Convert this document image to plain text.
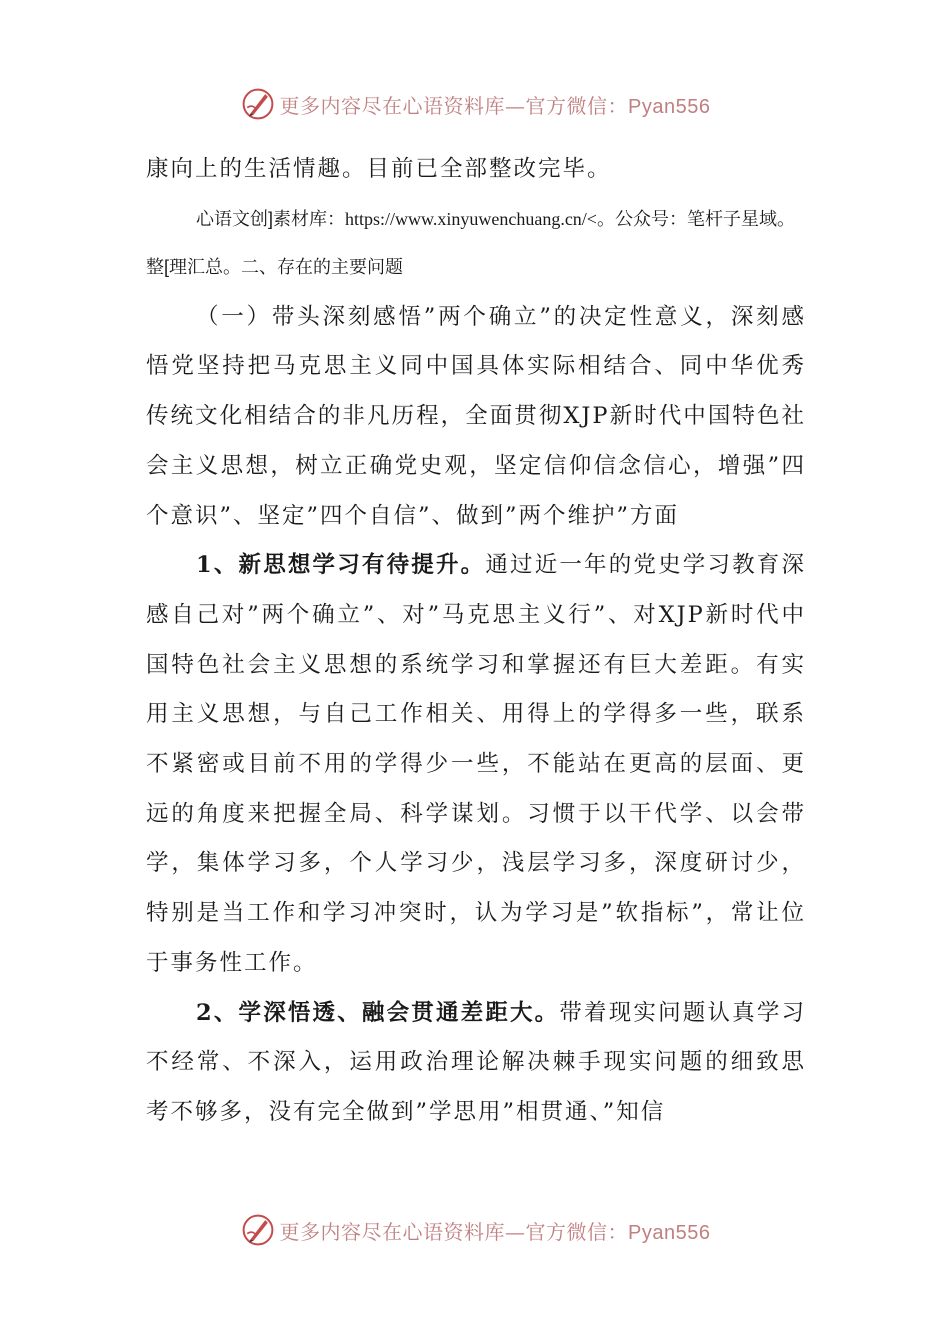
更多内容尽在心语资料库—官方微信：Pyan556

康向上的生活情趣。目前已全部整改完毕。

心语文创]素材库：https://www.xinyuwenchuang.cn/<。公众号：笔杆子星域。整[理汇总。二、存在的主要问题

（一）带头深刻感悟”两个确立”的决定性意义，深刻感悟党坚持把马克思主义同中国具体实际相结合、同中华优秀传统文化相结合的非凡历程，全面贯彻XJP新时代中国特色社会主义思想，树立正确党史观，坚定信仰信念信心，增强”四个意识”、坚定”四个自信”、做到”两个维护”方面

1、新思想学习有待提升。通过近一年的党史学习教育深感自己对”两个确立”、对”马克思主义行”、对XJP新时代中国特色社会主义思想的系统学习和掌握还有巨大差距。有实用主义思想，与自己工作相关、用得上的学得多一些，联系不紧密或目前不用的学得少一些，不能站在更高的层面、更远的角度来把握全局、科学谋划。习惯于以干代学、以会带学，集体学习多，个人学习少，浅层学习多，深度研讨少，特别是当工作和学习冲突时，认为学习是”软指标”，常让位于事务性工作。

2、学深悟透、融会贯通差距大。带着现实问题认真学习不经常、不深入，运用政治理论解决棘手现实问题的细致思考不够多，没有完全做到”学思用”相贯通、”知信

更多内容尽在心语资料库—官方微信：Pyan556
